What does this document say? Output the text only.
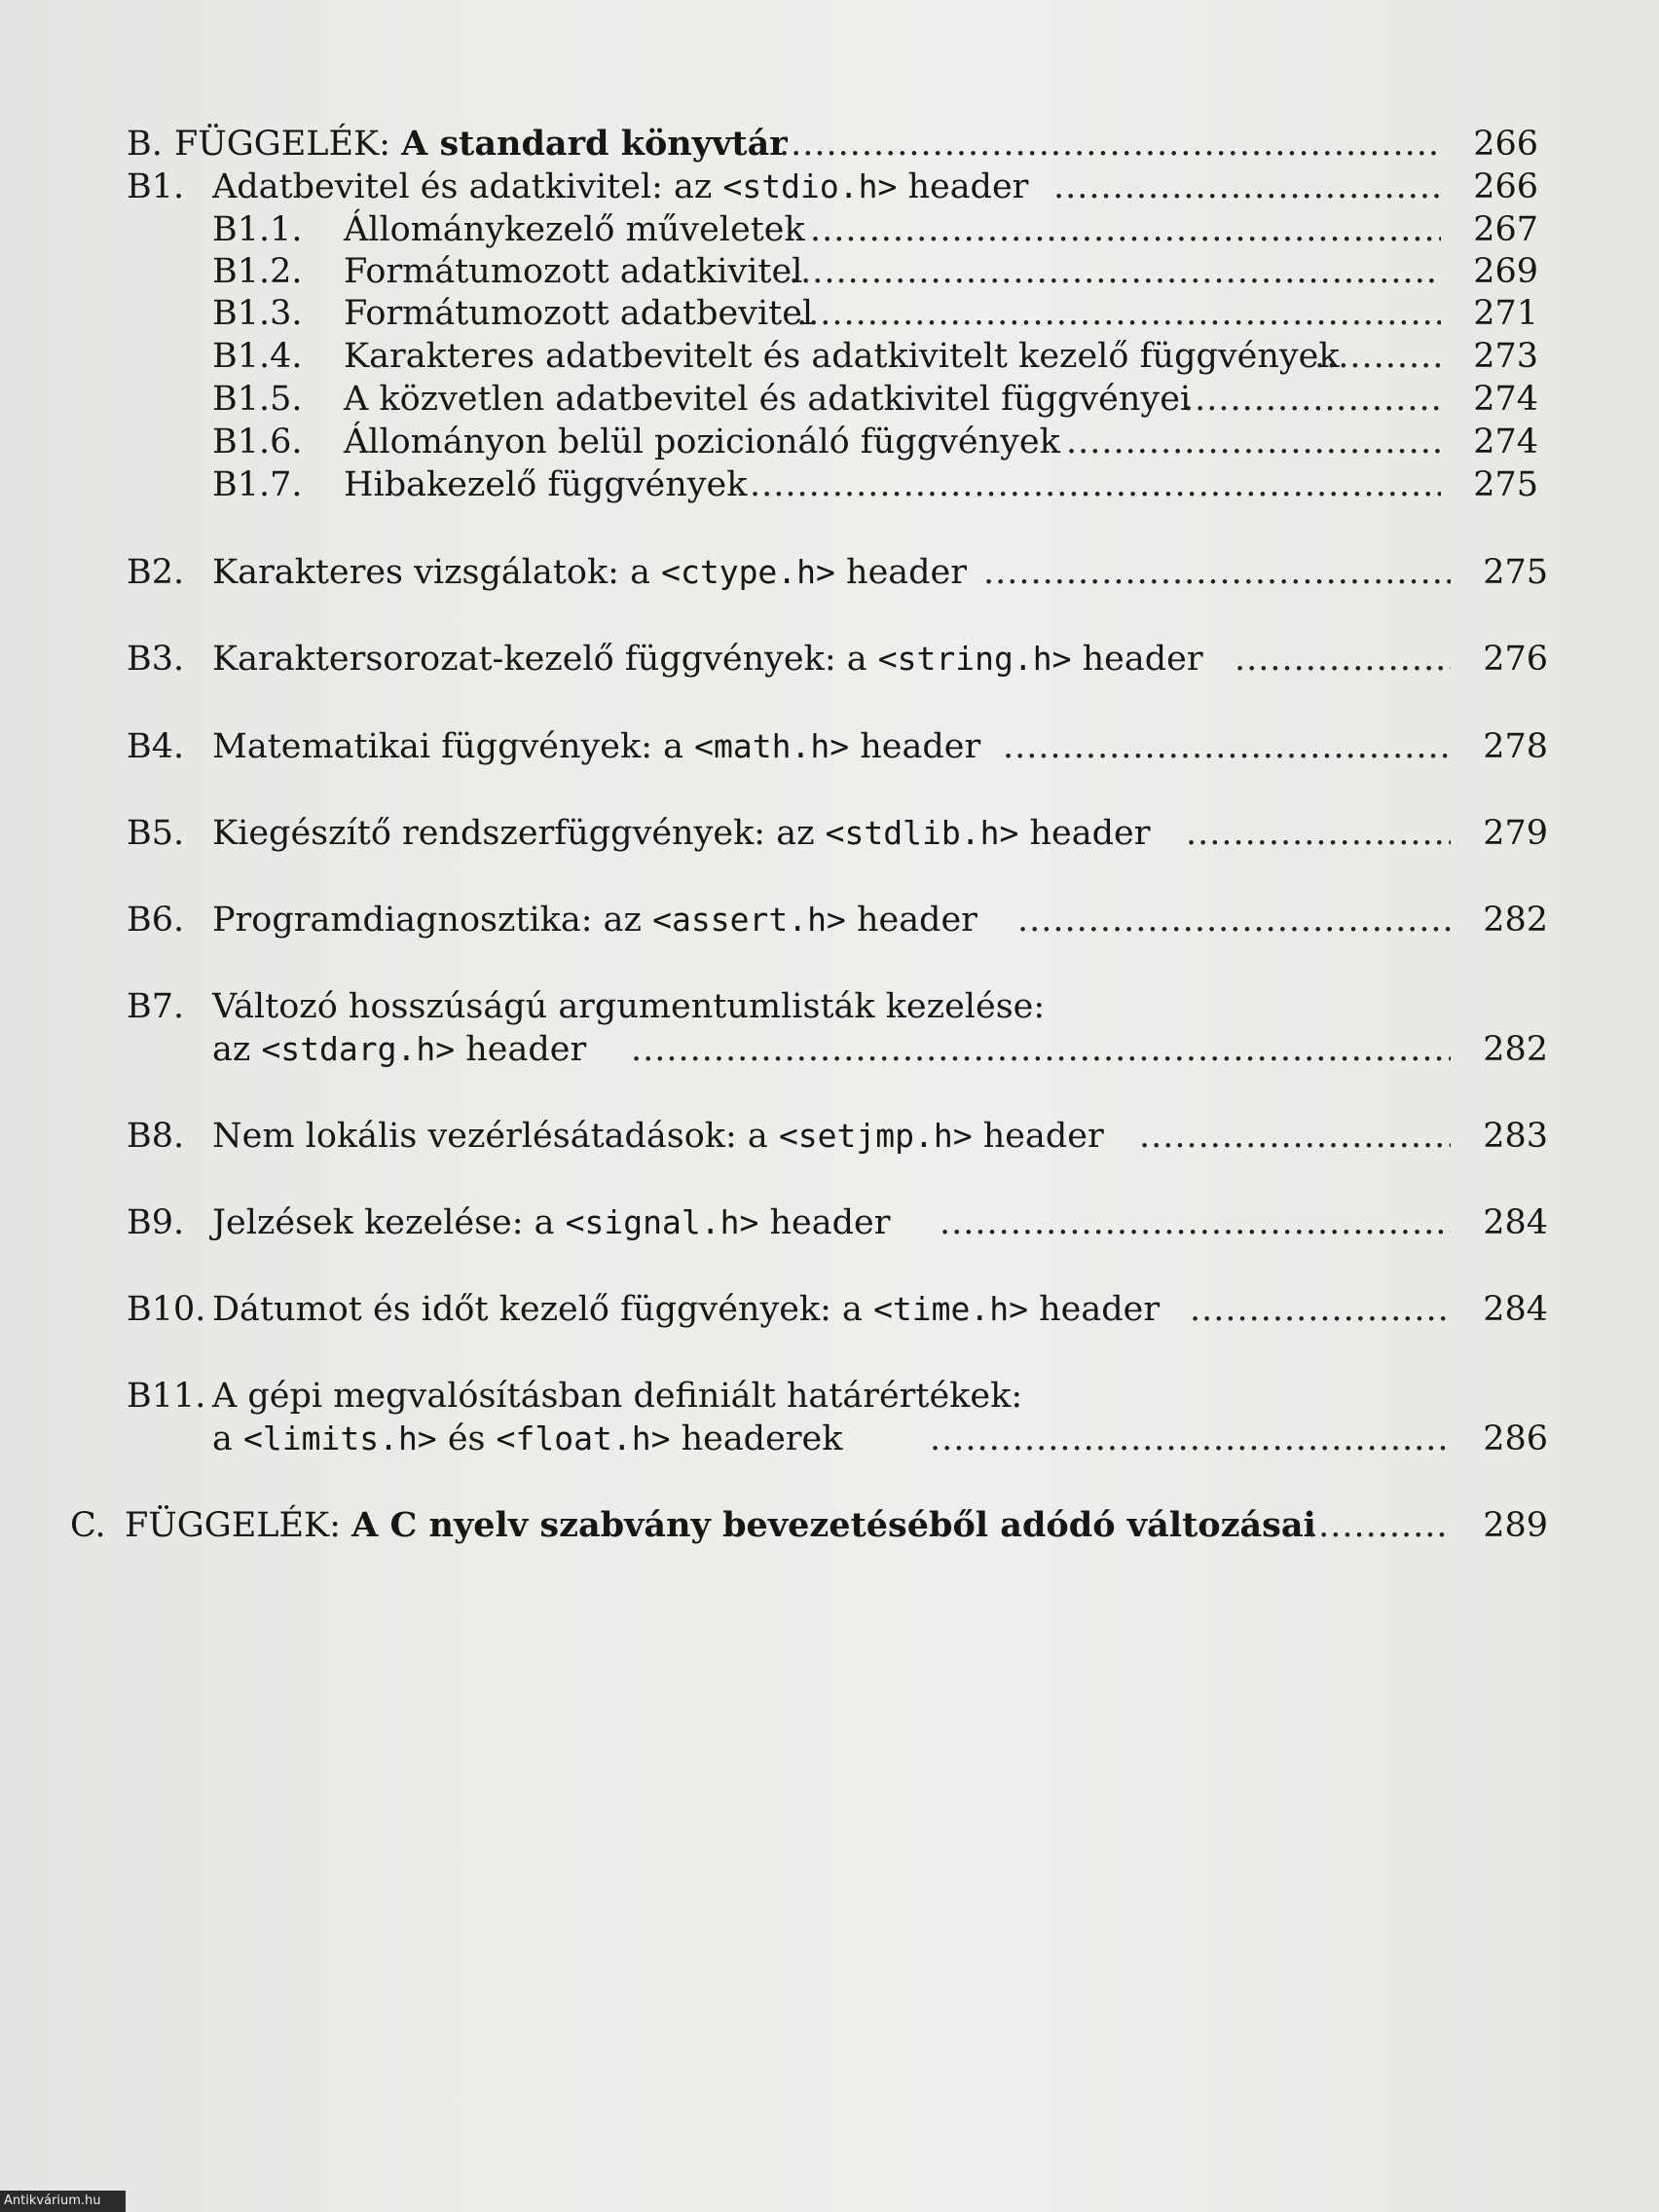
B. FÜGGELÉK: A standard könyvtár .....	266
B1. Adatbevitel és adatkivitel: az <stdio.h> header .....	266
B1.1. Állománykezelő műveletek .....	267
B1.2. Formátumozott adatkivitel .....	269
B1.3. Formátumozott adatbevitel .....	271
B1.4. Karakteres adatbevitelt és adatkivitelt kezelő függvények .....	273
B1.5. A közvetlen adatbevitel és adatkivitel függvényei .....	274
B1.6. Állományon belül pozicionáló függvények .....	274
B1.7. Hibakezelő függvények .....	275
B2. Karakteres vizsgálatok: a <ctype.h> header .....	275
B3. Karaktersorozat-kezelő függvények: a <string.h> header .....	276
B4. Matematikai függvények: a <math.h> header .....	278
B5. Kiegészítő rendszerfüggvények: az <stdlib.h> header .....	279
B6. Programdiagnosztika: az <assert.h> header .....	282
B7. Változó hosszúságú argumentumlisták kezelése:
az <stdarg.h> header .....	282
B8. Nem lokális vezérlésátadások: a <setjmp.h> header .....	283
B9. Jelzések kezelése: a <signal.h> header .....	284
B10. Dátumot és időt kezelő függvények: a <time.h> header .....	284
B11. A gépi megvalósításban definiált határértékek:
a <limits.h> és <float.h> headerek .....	286
C. FÜGGELÉK: A C nyelv szabvány bevezetéséből adódó változásai .....	289
Antikvárium.hu
